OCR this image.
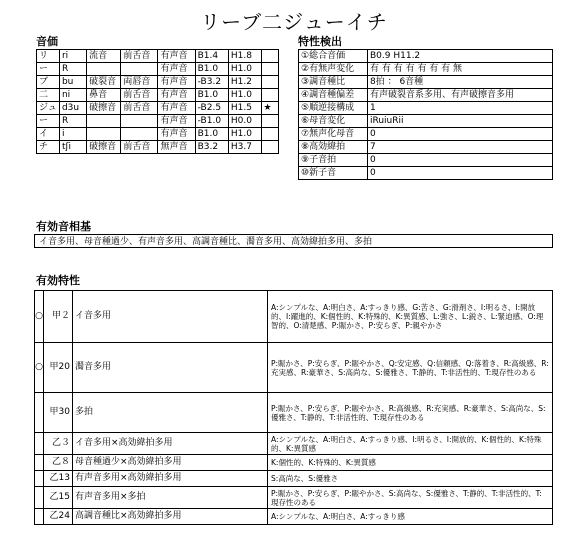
リーブ二ジューイチ
音価	特性検出
リ	ri	流音	前舌音	有声音	B1.4	H1.8	
ー	R			有声音	B1.0	H1.0	
ブ	bu	破裂音	両唇音	有声音	-B3.2	H1.2	
二	ni	鼻音	前舌音	有声音	B1.0	H1.0	
ジュ	d3u	破擦音	前舌音	有声音	-B2.5	H1.5	★
ー	R			有声音	-B1.0	H0.0	
イ	i			有声音	B1.0	H1.0	
チ	tʃi	破擦音	前舌音	無声音	B3.2	H3.7	
①総合音価	B0.9 H11.2
②有無声変化	有 有 有 有 有 有 有 無
③調音種比	8拍 ： 6音種
④調音種偏差	有声破裂音系多用、有声破擦音多用
⑤順逆接構成	1
⑥母音変化	iRuiuRii
⑦無声化母音	0
⑧高効緯拍	7
⑨子音拍	0
⑩新子音	0
有効音相基
イ音多用、母音種過少、有声音多用、高調音種比、濁音多用、高効緯拍多用、多拍
有効特性
○	甲２	イ音多用	A:シンプルな、A:明白さ、A:すっきり感、G:苦さ、G:滑剤さ、I:明るさ、I:開放的、I:躍進的、K:個性的、K:特殊的、K:異質感、L:強さ、L:鋭さ、L:緊迫感、O:理智的、O:清楚感、P:賑かさ、P:安らぎ、P:親やかさ
○	甲20	濁音多用	P:賑かさ、P:安らぎ、P:賑やかさ、Q:安定感、Q:信頼感、Q:落着き、R:高級感、R:充実感、R:豪華さ、S:高尚な、S:優雅さ、T:静的、T:非活性的、T:現存性のある
	甲30	多拍	P:賑かさ、P:安らぎ、P:賑やかさ、R:高級感、R:充実感、R:豪華さ、S:高尚な、S:優雅さ、T:静的、T:非活性的、T:現存性のある
	乙３	イ音多用×高効緯拍多用	A:シンプルな、A:明白さ、A:すっきり感、I:明るさ、I:開放的、K:個性的、K:特殊的、K:異質感
	乙８	母音種過少×高効緯拍多用	K:個性的、K:特殊的、K:異質感
	乙13	有声音多用×高効緯拍多用	S:高尚な、S:優雅さ
	乙15	有声音多用×多拍	P:賑かさ、P:安らぎ、P:賑やかさ、S:高尚な、S:優雅さ、T:静的、T:非活性的、T:現存性のある
	乙24	高調音種比×高効緯拍多用	A:シンプルな、A:明白さ、A:すっきり感
